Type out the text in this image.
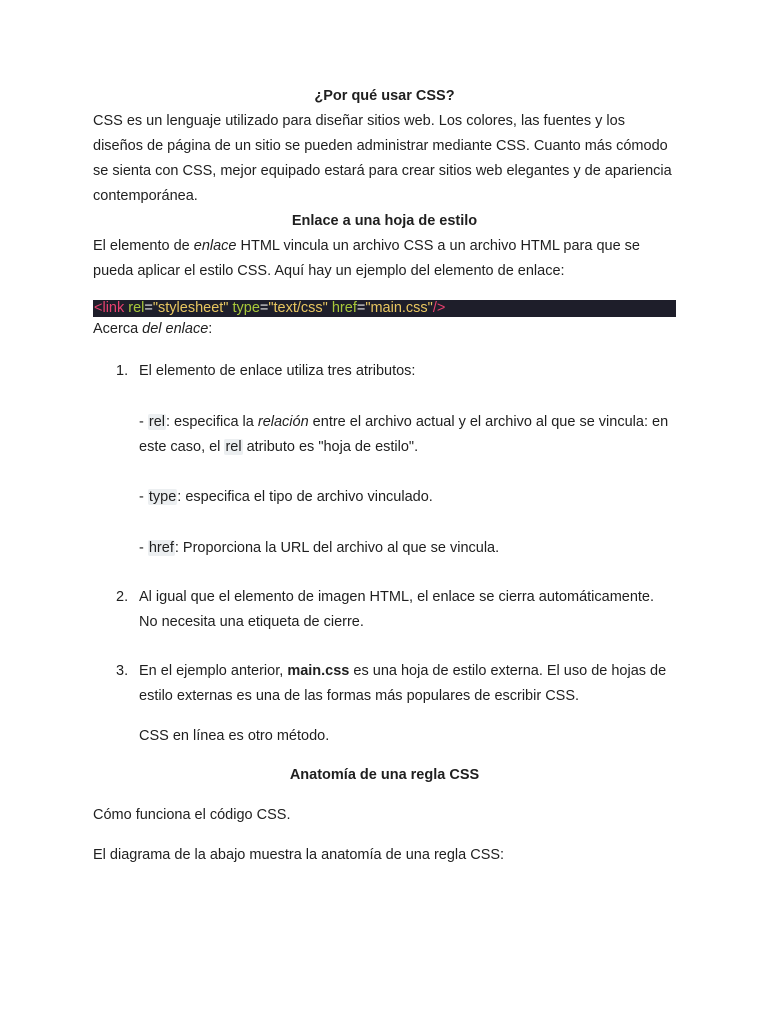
¿Por qué usar CSS?

CSS es un lenguaje utilizado para diseñar sitios web. Los colores, las fuentes y los diseños de página de un sitio se pueden administrar mediante CSS. Cuanto más cómodo se sienta con CSS, mejor equipado estará para crear sitios web elegantes y de apariencia contemporánea.

Enlace a una hoja de estilo

El elemento de enlace HTML vincula un archivo CSS a un archivo HTML para que se pueda aplicar el estilo CSS. Aquí hay un ejemplo del elemento de enlace:

<link rel="stylesheet" type="text/css" href="main.css"/>

Acerca del enlace:

1. El elemento de enlace utiliza tres atributos:

- rel: especifica la relación entre el archivo actual y el archivo al que se vincula: en este caso, el rel atributo es "hoja de estilo".

- type: especifica el tipo de archivo vinculado.

- href: Proporciona la URL del archivo al que se vincula.

2. Al igual que el elemento de imagen HTML, el enlace se cierra automáticamente. No necesita una etiqueta de cierre.

3. En el ejemplo anterior, main.css es una hoja de estilo externa. El uso de hojas de estilo externas es una de las formas más populares de escribir CSS.

CSS en línea es otro método.

Anatomía de una regla CSS

Cómo funciona el código CSS.

El diagrama de la abajo muestra la anatomía de una regla CSS:
